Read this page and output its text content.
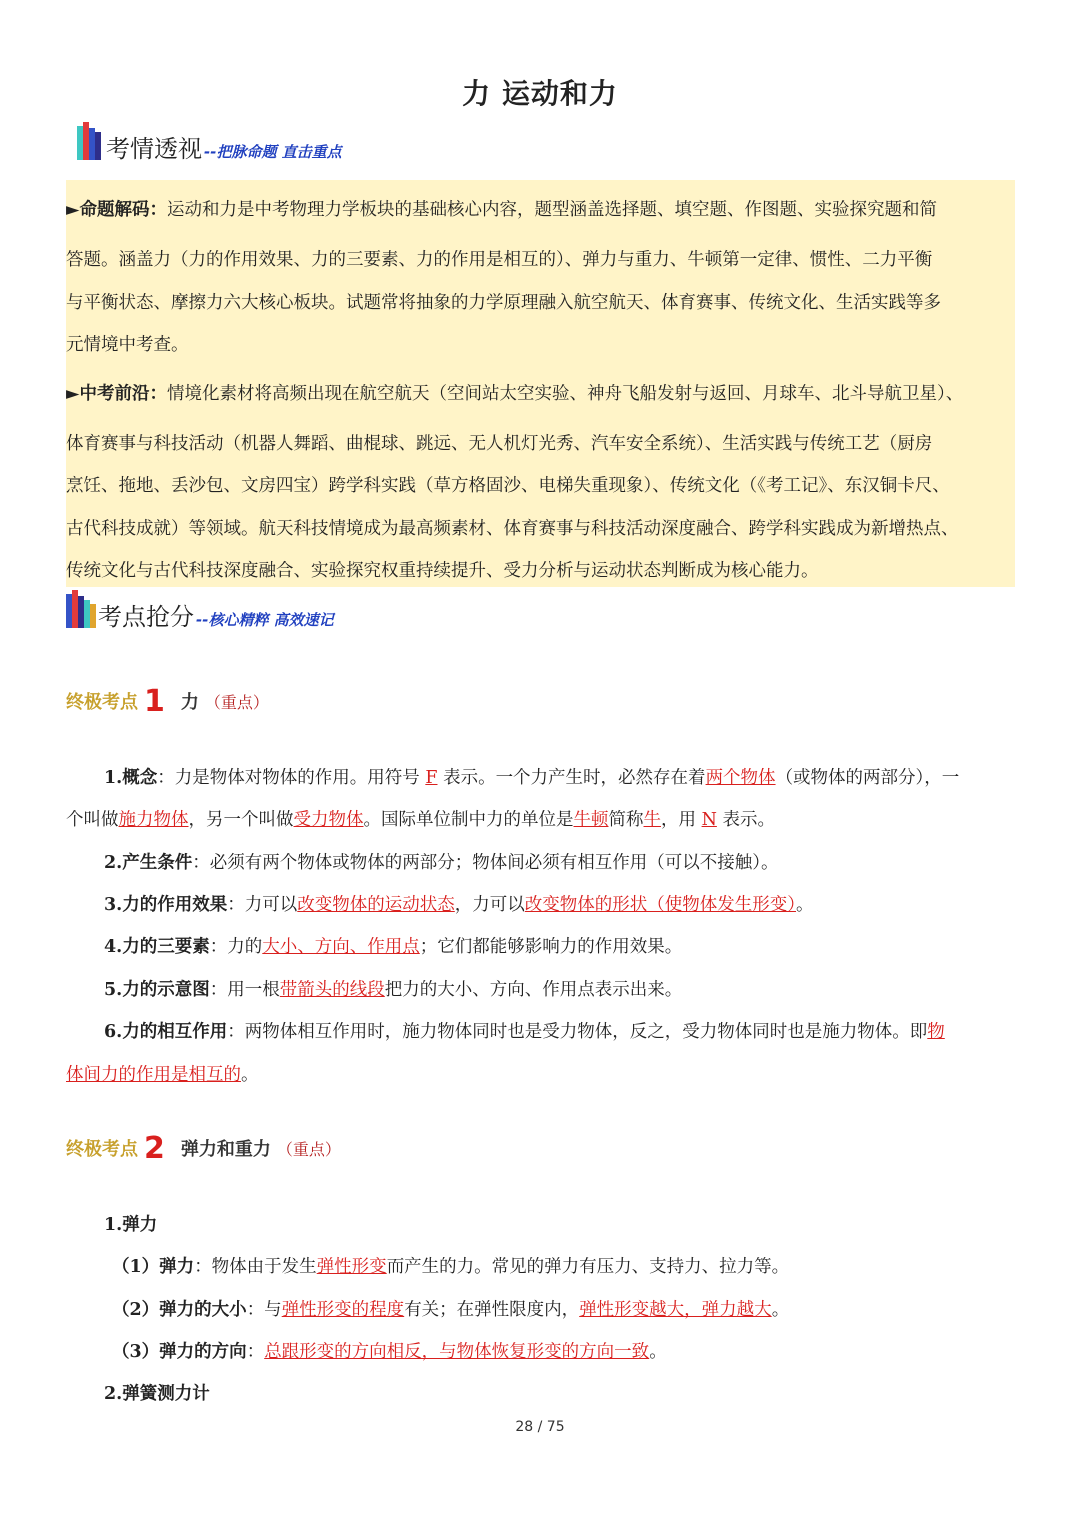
力 运动和力
考情透视 --把脉命题 直击重点
►命题解码：运动和力是中考物理力学板块的基础核心内容，题型涵盖选择题、填空题、作图题、实验探究题和简
答题。涵盖力（力的作用效果、力的三要素、力的作用是相互的）、弹力与重力、牛顿第一定律、惯性、二力平衡
与平衡状态、摩擦力六大核心板块。试题常将抽象的力学原理融入航空航天、体育赛事、传统文化、生活实践等多
元情境中考查。
►中考前沿：情境化素材将高频出现在航空航天（空间站太空实验、神舟飞船发射与返回、月球车、北斗导航卫星）、
体育赛事与科技活动（机器人舞蹈、曲棍球、跳远、无人机灯光秀、汽车安全系统）、生活实践与传统工艺（厨房
烹饪、拖地、丢沙包、文房四宝）跨学科实践（草方格固沙、电梯失重现象）、传统文化（《考工记》、东汉铜卡尺、
古代科技成就）等领域。航天科技情境成为最高频素材、体育赛事与科技活动深度融合、跨学科实践成为新增热点、
传统文化与古代科技深度融合、实验探究权重持续提升、受力分析与运动状态判断成为核心能力。
考点抢分 --核心精粹 高效速记
终极考点 1 力 （重点）
1.概念：力是物体对物体的作用。用符号 F 表示。一个力产生时，必然存在着两个物体（或物体的两部分），一
个叫做施力物体，另一个叫做受力物体。国际单位制中力的单位是牛顿简称牛，用 N 表示。
2.产生条件：必须有两个物体或物体的两部分；物体间必须有相互作用（可以不接触）。
3.力的作用效果：力可以改变物体的运动状态，力可以改变物体的形状（使物体发生形变）。
4.力的三要素：力的大小、方向、作用点；它们都能够影响力的作用效果。
5.力的示意图：用一根带箭头的线段把力的大小、方向、作用点表示出来。
6.力的相互作用：两物体相互作用时，施力物体同时也是受力物体，反之，受力物体同时也是施力物体。即物
体间力的作用是相互的。
终极考点 2 弹力和重力 （重点）
1.弹力
（1）弹力：物体由于发生弹性形变而产生的力。常见的弹力有压力、支持力、拉力等。
（2）弹力的大小：与弹性形变的程度有关；在弹性限度内，弹性形变越大，弹力越大。
（3）弹力的方向：总跟形变的方向相反，与物体恢复形变的方向一致。
2.弹簧测力计
28 / 75
